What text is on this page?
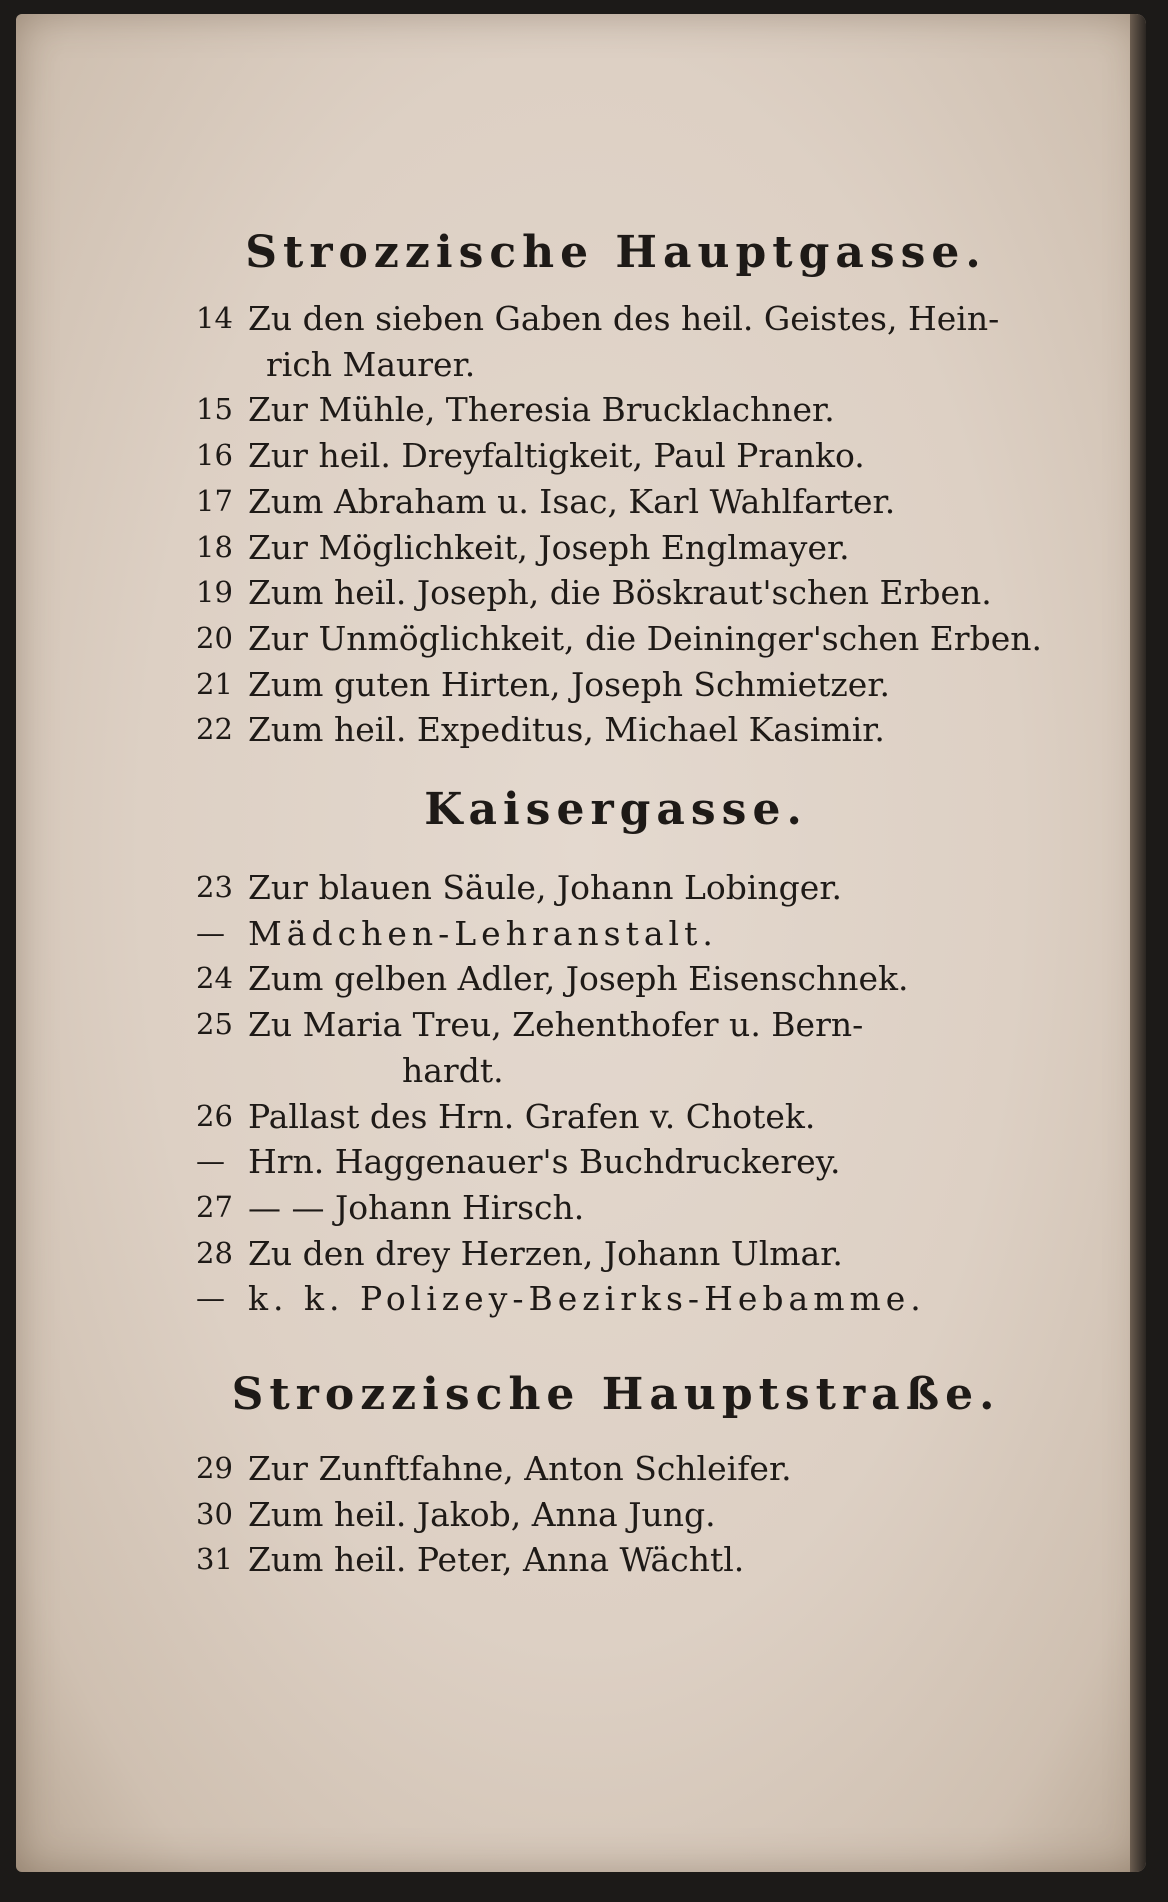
Strozzische Hauptgasse.
14 Zu den sieben Gaben des heil. Geistes, Hein-
rich Maurer.
15 Zur Mühle, Theresia Brucklachner.
16 Zur heil. Dreyfaltigkeit, Paul Pranko.
17 Zum Abraham u. Isac, Karl Wahlfarter.
18 Zur Möglichkeit, Joseph Englmayer.
19 Zum heil. Joseph, die Böskraut'schen Erben.
20 Zur Unmöglichkeit, die Deininger'schen Erben.
21 Zum guten Hirten, Joseph Schmietzer.
22 Zum heil. Expeditus, Michael Kasimir.
Kaisergasse.
23 Zur blauen Säule, Johann Lobinger.
— Mädchen-Lehranstalt.
24 Zum gelben Adler, Joseph Eisenschnek.
25 Zu Maria Treu, Zehenthofer u. Bern-
hardt.
26 Pallast des Hrn. Grafen v. Chotek.
— Hrn. Haggenauer's Buchdruckerey.
27 — — Johann Hirsch.
28 Zu den drey Herzen, Johann Ulmar.
— k. k. Polizey-Bezirks-Hebamme.
Strozzische Hauptstraße.
29 Zur Zunftfahne, Anton Schleifer.
30 Zum heil. Jakob, Anna Jung.
31 Zum heil. Peter, Anna Wächtl.
